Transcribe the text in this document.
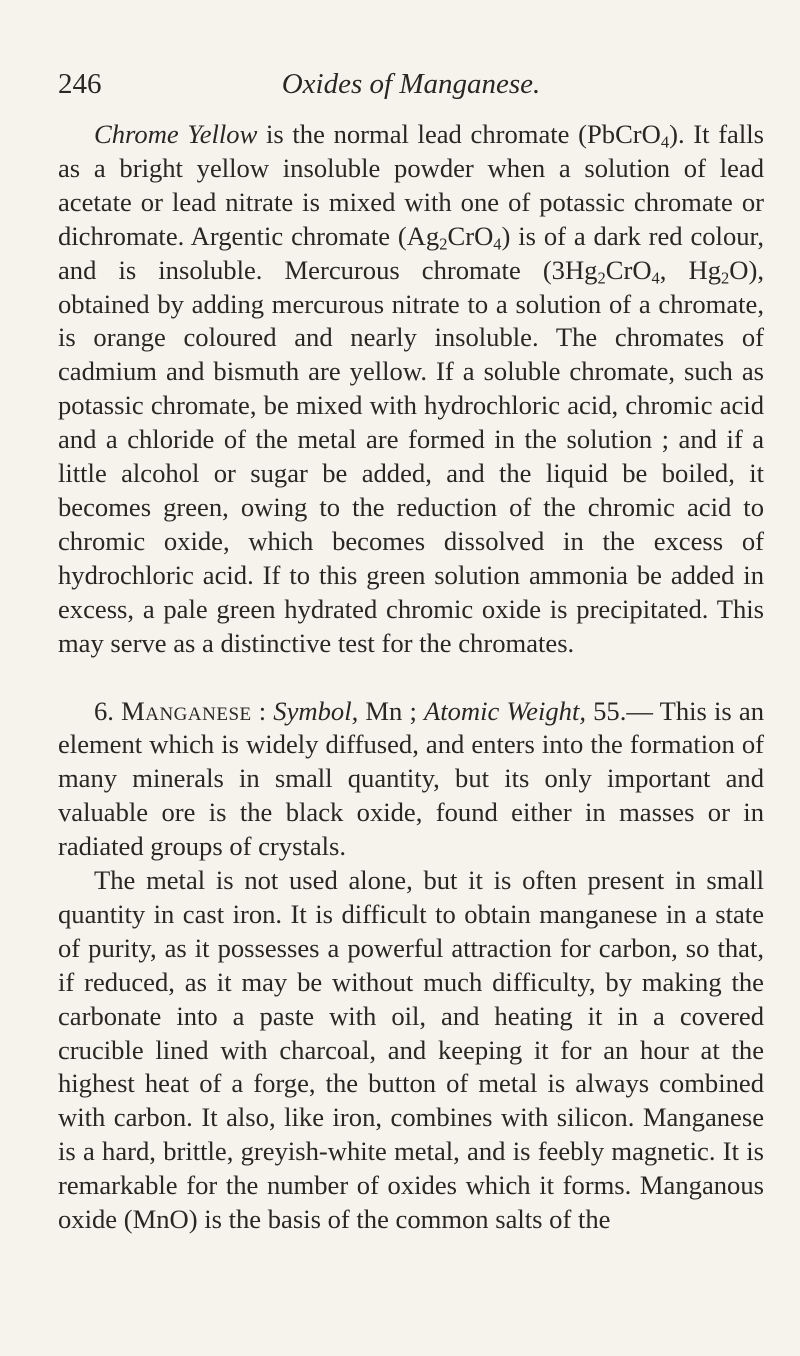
246	Oxides of Manganese.

Chrome Yellow is the normal lead chromate (PbCrO$_4$). It falls as a bright yellow insoluble powder when a solution of lead acetate or lead nitrate is mixed with one of potassic chromate or dichromate. Argentic chromate $(Ag_2CrO_4)$ is of a dark red colour, and is insoluble. Mercurous chromate ($3Hg_2CrO_4$, $Hg_2O$), obtained by adding mercurous nitrate to a solution of a chromate, is orange coloured and nearly insoluble. The chromates of cadmium and bismuth are yellow. If a soluble chromate, such as potassic chromate, be mixed with hydrochloric acid, chromic acid and a chloride of the metal are formed in the solution ; and if a little alcohol or sugar be added, and the liquid be boiled, it becomes green, owing to the reduction of the chromic acid to chromic oxide, which becomes dissolved in the excess of hydrochloric acid. If to this green solution ammonia be added in excess, a pale green hydrated chromic oxide is precipitated. This may serve as a distinctive test for the chromates.

6. Manganese : Symbol, Mn ; Atomic Weight, 55.— This is an element which is widely diffused, and enters into the formation of many minerals in small quantity, but its only important and valuable ore is the black oxide, found either in masses or in radiated groups of crystals.

The metal is not used alone, but it is often present in small quantity in cast iron. It is difficult to obtain manganese in a state of purity, as it possesses a powerful attraction for carbon, so that, if reduced, as it may be without much difficulty, by making the carbonate into a paste with oil, and heating it in a covered crucible lined with charcoal, and keeping it for an hour at the highest heat of a forge, the button of metal is always combined with carbon. It also, like iron, combines with silicon. Manganese is a hard, brittle, greyish-white metal, and is feebly magnetic. It is remarkable for the number of oxides which it forms. Manganous oxide (MnO) is the basis of the common salts of the
